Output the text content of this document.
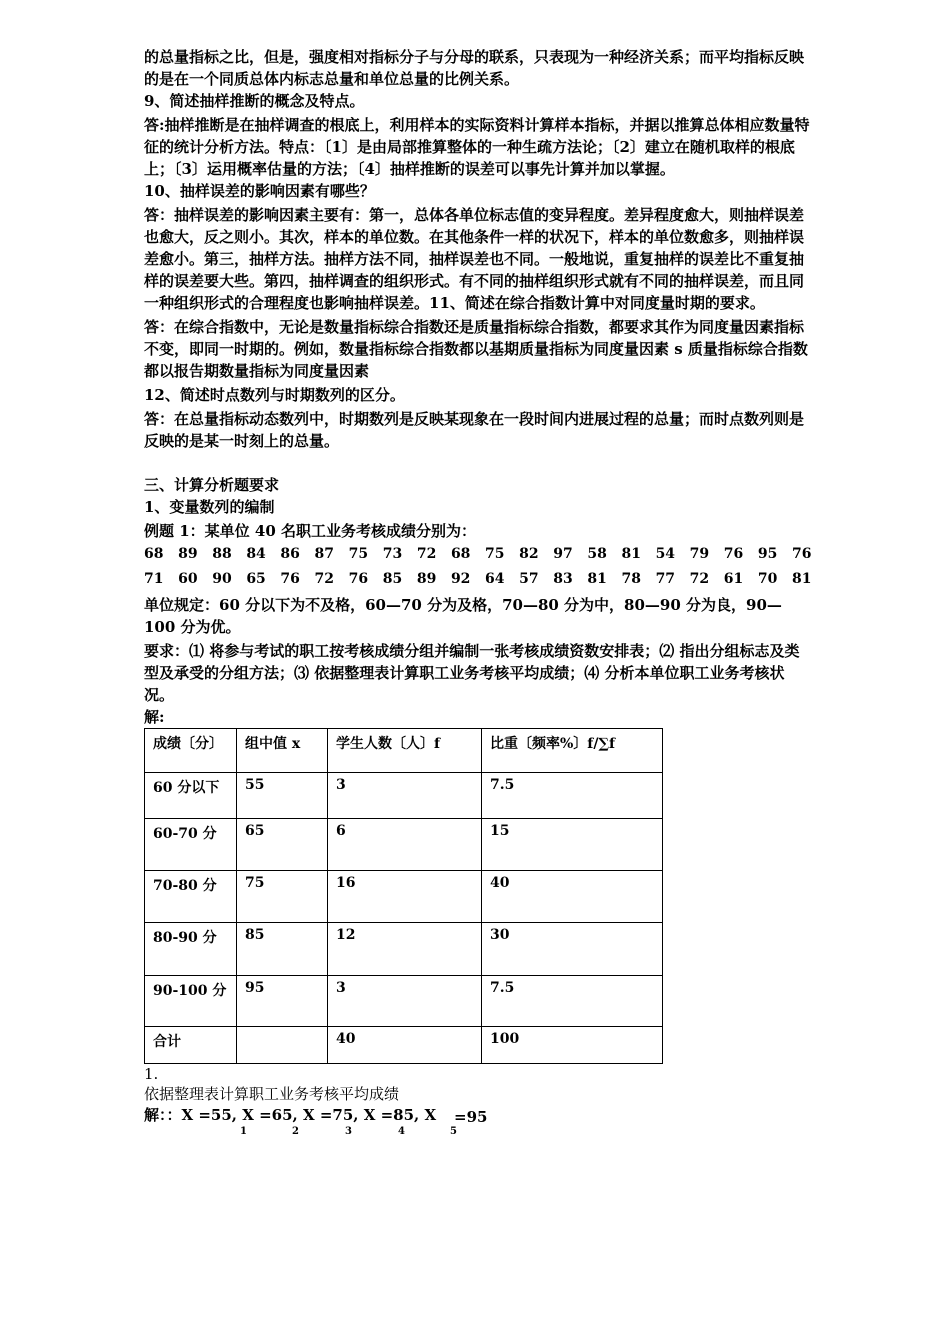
的总量指标之比，但是，强度相对指标分子与分母的联系，只表现为一种经济关系；而平均指标反映的是在一个同质总体内标志总量和单位总量的比例关系。

9、简述抽样推断的概念及特点。

答:抽样推断是在抽样调查的根底上，利用样本的实际资料计算样本指标，并据以推算总体相应数量特征的统计分析方法。特点：〔1〕是由局部推算整体的一种生疏方法论；〔2〕建立在随机取样的根底上；〔3〕运用概率估量的方法；〔4〕抽样推断的误差可以事先计算并加以掌握。

10、抽样误差的影响因素有哪些？

答：抽样误差的影响因素主要有：第一，总体各单位标志值的变异程度。差异程度愈大，则抽样误差也愈大，反之则小。其次，样本的单位数。在其他条件一样的状况下，样本的单位数愈多，则抽样误差愈小。第三，抽样方法。抽样方法不同，抽样误差也不同。一般地说，重复抽样的误差比不重复抽样的误差要大些。第四，抽样调查的组织形式。有不同的抽样组织形式就有不同的抽样误差，而且同一种组织形式的合理程度也影响抽样误差。11、简述在综合指数计算中对同度量时期的要求。

答：在综合指数中，无论是数量指标综合指数还是质量指标综合指数，都要求其作为同度量因素指标不变，即同一时期的。例如，数量指标综合指数都以基期质量指标为同度量因素 s 质量指标综合指数都以报告期数量指标为同度量因素

12、简述时点数列与时期数列的区分。

答：在总量指标动态数列中，时期数列是反映某现象在一段时间内进展过程的总量；而时点数列则是反映的是某一时刻上的总量。

三、计算分析题要求

1、变量数列的编制

例题 1：某单位 40 名职工业务考核成绩分别为：

68   89   88   84   86   87   75   73   72   68   75   82   97   58   81   54   79   76   95   76
71   60   90   65   76   72   76   85   89   92   64   57   83   81   78   77   72   61   70   81

单位规定：60 分以下为不及格，60—70 分为及格，70—80 分为中，80—90 分为良，90—100 分为优。

要求：⑴ 将参与考试的职工按考核成绩分组并编制一张考核成绩资数安排表；⑵ 指出分组标志及类型及承受的分组方法；⑶ 依据整理表计算职工业务考核平均成绩；⑷ 分析本单位职工业务考核状况。

解:

成绩〔分〕	组中值 x	学生人数〔人〕f	比重〔频率%〕f/∑f
60 分以下	55	3	7.5
60-70 分	65	6	15
70-80 分	75	16	40
80-90 分	85	12	30
90-100 分	95	3	7.5
合计		40	100

1.

依据整理表计算职工业务考核平均成绩

解：：X =55, X =65, X =75, X =85, X =95
1	2	3	4	5
